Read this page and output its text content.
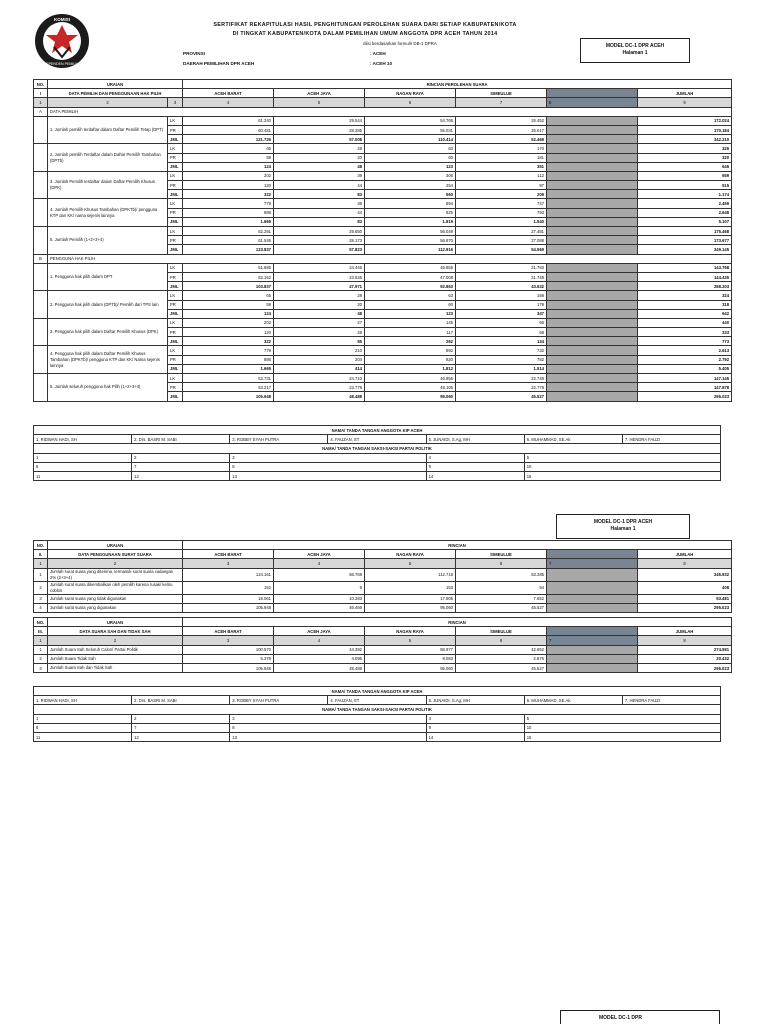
KOMISI
INDEPENDEN PEMILIHAN
SERTIFIKAT REKAPITULASI HASIL PENGHITUNGAN PEROLEHAN SUARA DARI SETIAP KABUPATEN/KOTA
DI TINGKAT KABUPATEN/KOTA DALAM PEMILIHAN UMUM ANGGOTA DPR ACEH TAHUN 2014
diisi berdasarkan formulir DB-1 DPRA
PROVINSI	: ACEH
DAERAH PEMILIHAN DPR ACEH	: ACEH 10
MODEL DC-1 DPR ACEH
Halaman 1
NO.	URAIAN		RINCIAN PEROLEHAN SUARA					
I	DATA PEMILIH DAN PENGGUNAAN HAK PILIH		ACEH BARAT	ACEH JAYA	NAGAN RAYA	SIMEULUE		JUMLAH
1	2	3	4	5	6	7	8	9
A	DATA PEMILIH							
	1. Jumlah pemilih terdaftar dalam Daftar Pemilih Tetap (DPT)	LK	61.240	29.544	54.765	26.452		172.024
		PR	60.481	28.285	55.031	26.017		170.184
		JML	121.726	57.008	110.414	52.469		342.210
	2. Jumlah pemilih Terdaftar dalam Daftar Pemilih Tambahan (DPTb)	LK	65	28	63	170		326
		PR	59	20	60	181		320
		JML	124	48	123	351		646
	3. Jumlah Pemilih terdaftar dalam Daftar Pemilih Khusus (DPK)	LK	202	39	306	112		659
		PR	120	44	254	97		515
		JML	322	83	560	209		1.174
	4. Jumlah Pemilih Khusus Tambahan (DPKTb)/ pengguna KTP dan KK/ nama sejenis lainnya	LK	779	39	894	747		2.459
		PR	886	44	925	793		2.648
		JML	1.665	83	1.819	1.540		5.107
	5. Jumlah Pemilih (1+2+3+4)	LK	62.291	29.650	56.049	27.481		175.468
		PR	61.546	28.173	56.870	27.088		173.677
		JML	123.837	57.823	112.916	54.569		349.145
B	PENGGUNA HAK PILIH							
	1. Pengguna hak pilih dalam DPT	LK	51.685	24.445	45.855	21.783		143.768
		PR	52.152	23.526	47.008	21.749		144.435
		JML	103.837	47.971	92.863	43.532		288.203
	2. Pengguna hak pilih dalam (DPTb)/ Pemilih dari TPS lain	LK	65	28	63	168		324
		PR	59	20	60	179		318
		JML	124	48	123	347		642
	3. Pengguna hak pilih dalam Daftar Pemilih Khusus (DPK)	LK	202	27	145	66		440
		PR	120	28	117	68		333
		JML	322	55	262	134		773
	4. Pengguna hak pilih dalam Daftar Pemilih Khusus Tambahan (DPKTb)/ pengguna KTP dan KK/ Nama sejenis lainnya	LK	779	210	892	732		2.613
		PR	886	204	920	782		2.792
		JML	1.665	414	1.812	1.514		5.405
	5. Jumlah seluruh pengguna hak Pilih (1+2+3+4)	LK	52.731	24.710	46.955	22.749		147.145
		PR	53.217	23.778	48.105	22.778		147.878
		JML	105.948	48.488	95.060	45.527		295.023
NAMA/ TANDA TANGAN ANGGOTA KIP ACEH						
1. RIDWAN HADI, SH	2. Drs. BASRI M. SABI	3. ROBBY SYAH PUTRA	4. FAUZAN, ST	5. JUNAIDI, S.Ag, MH	6. MUHAMMAD, SE.Ak	7. HENDRA FAUZI
NAMA/ TANDA TANGAN SAKSI-SAKSI PARTAI POLITIK						
1	2	3		4	5	
6	7	8		9	10	
11	12	13		14	15	
MODEL DC-1 DPR ACEH
Halaman 1
NO.	URAIAN	RINCIAN					
II.	DATA PENGGUNAAN SURAT SUARA	ACEH BARAT	ACEH JAYA	NAGAN RAYA	SIMEULUE		JUMLAH
1	2	3	4	5	6	7	8
1	Jumlah surat suara yang diterima, termasuk surat suara cadangan 2% (2+3+4)	124.161	56.768	112.718	53.285		346.932
2	Jumlah surat suara dikembalikan oleh pemilih karena rusak/ keliru coblos	152	9	153	94		408
3	Jumlah surat suara yang tidak digunakan	18.061	10.283	17.505	7.652		53.481
4	Jumlah surat suara yang digunakan	105.948	46.466	95.060	45.527		295.023
NO.	URAIAN	RINCIAN					
III.	DATA SUARA SAH DAN TIDAK SAH	ACEH BARAT	ACEH JAYA	NAGAN RAYA	SIMEULUE		JUMLAH
1	2	3	4	5	6	7	8
1	Jumlah Suara Sah Seluruh Calon/ Partai Politik	100.570	44.392	86.977	42.652		274.581
2	Jumlah Suara Tidak Sah	5.378	4.096	8.083	2.875		20.432
3	Jumlah Suara Sah dan Tidak Sah	105.948	48.488	95.060	45.527		295.023
NAMA/ TANDA TANGAN ANGGOTA KIP ACEH						
1. RIDWAN HADI, SH	2. Drs. BASRI M. SABI	3. ROBBY SYAH PUTRA	4. FAUZAN, ST	5. JUNAIDI, S.Ag, MH	6. MUHAMMAD, SE.Ak	7. HENDRA FAUZI
NAMA/ TANDA TANGAN SAKSI-SAKSI PARTAI POLITIK						
1	2	3		4	5	
6	7	8		9	10	
11	12	13		14	15	
MODEL DC-1 DPR
